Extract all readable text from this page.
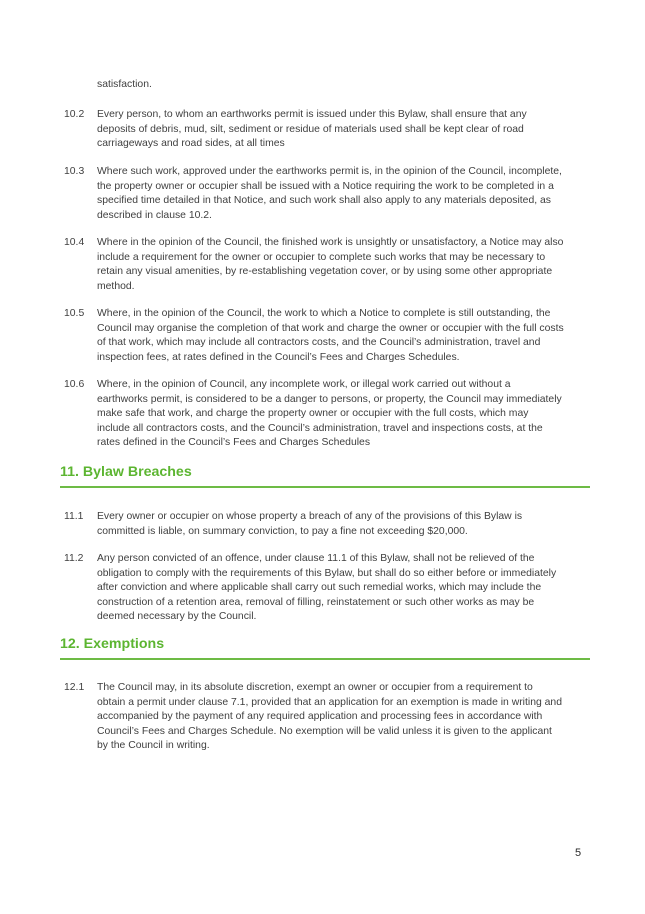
satisfaction.
10.2	Every person, to whom an earthworks permit is issued under this Bylaw, shall ensure that any deposits of debris, mud, silt, sediment or residue of materials used shall be kept clear of road carriageways and road sides, at all times
10.3	Where such work, approved under the earthworks permit is, in the opinion of the Council, incomplete, the property owner or occupier shall be issued with a Notice requiring the work to be completed in a specified time detailed in that Notice, and such work shall also apply to any materials deposited, as described in clause 10.2.
10.4	Where in the opinion of the Council, the finished work is unsightly or unsatisfactory, a Notice may also include a requirement for the owner or occupier to complete such works that may be necessary to retain any visual amenities, by re-establishing vegetation cover, or by using some other appropriate method.
10.5	Where, in the opinion of the Council, the work to which a Notice to complete is still outstanding, the Council may organise the completion of that work and charge the owner or occupier with the full costs of that work, which may include all contractors costs, and the Council’s administration, travel and inspection fees, at rates defined in the Council’s Fees and Charges Schedules.
10.6	Where, in the opinion of Council, any incomplete work, or illegal work carried out without a earthworks permit, is considered to be a danger to persons, or property, the Council may immediately make safe that work, and charge the property owner or occupier with the full costs, which may include all contractors costs, and the Council’s administration, travel and inspections costs, at the rates defined in the Council’s Fees and Charges Schedules
11. Bylaw Breaches
11.1	Every owner or occupier on whose property a breach of any of the provisions of this Bylaw is committed is liable, on summary conviction, to pay a fine not exceeding $20,000.
11.2	Any person convicted of an offence, under clause 11.1 of this Bylaw, shall not be relieved of the obligation to comply with the requirements of this Bylaw, but shall do so either before or immediately after conviction and where applicable shall carry out such remedial works, which may include the construction of a retention area, removal of filling, reinstatement or such other works as may be deemed necessary by the Council.
12. Exemptions
12.1	The Council may, in its absolute discretion, exempt an owner or occupier from a requirement to obtain a permit under clause 7.1, provided that an application for an exemption is made in writing and accompanied by the payment of any required application and processing fees in accordance with Council’s Fees and Charges Schedule. No exemption will be valid unless it is given to the applicant by the Council in writing.
5
